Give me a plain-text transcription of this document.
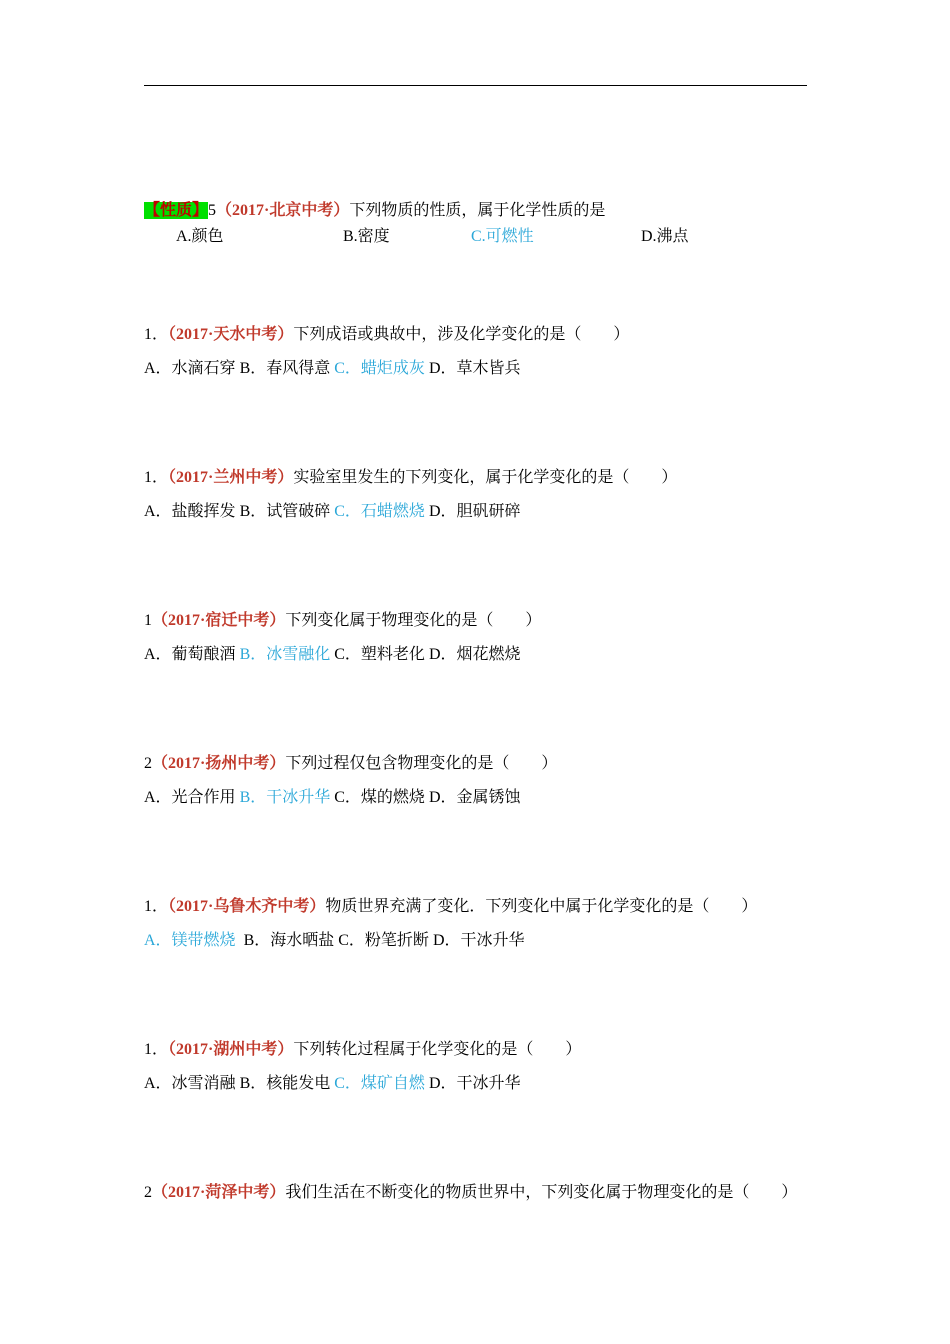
【性质】5（2017·北京中考）下列物质的性质，属于化学性质的是
A.颜色	B.密度	C.可燃性	D.沸点
1．（2017·天水中考）下列成语或典故中，涉及化学变化的是（　　）
A．水滴石穿 B．春风得意 C．蜡炬成灰 D．草木皆兵
1．（2017·兰州中考）实验室里发生的下列变化，属于化学变化的是（　　）
A．盐酸挥发 B．试管破碎 C．石蜡燃烧 D．胆矾研碎
1（2017·宿迁中考）下列变化属于物理变化的是（　　）
A．葡萄酿酒 B．冰雪融化 C．塑料老化 D．烟花燃烧
2（2017·扬州中考）下列过程仅包含物理变化的是（　　）
A．光合作用 B．干冰升华 C．煤的燃烧 D．金属锈蚀
1．（2017·乌鲁木齐中考）物质世界充满了变化．下列变化中属于化学变化的是（　　）
A．镁带燃烧 B．海水晒盐 C．粉笔折断 D．干冰升华
1．（2017·湖州中考）下列转化过程属于化学变化的是（　　）
A．冰雪消融 B．核能发电 C．煤矿自燃 D．干冰升华
2（2017·菏泽中考）我们生活在不断变化的物质世界中，下列变化属于物理变化的是（　　）
